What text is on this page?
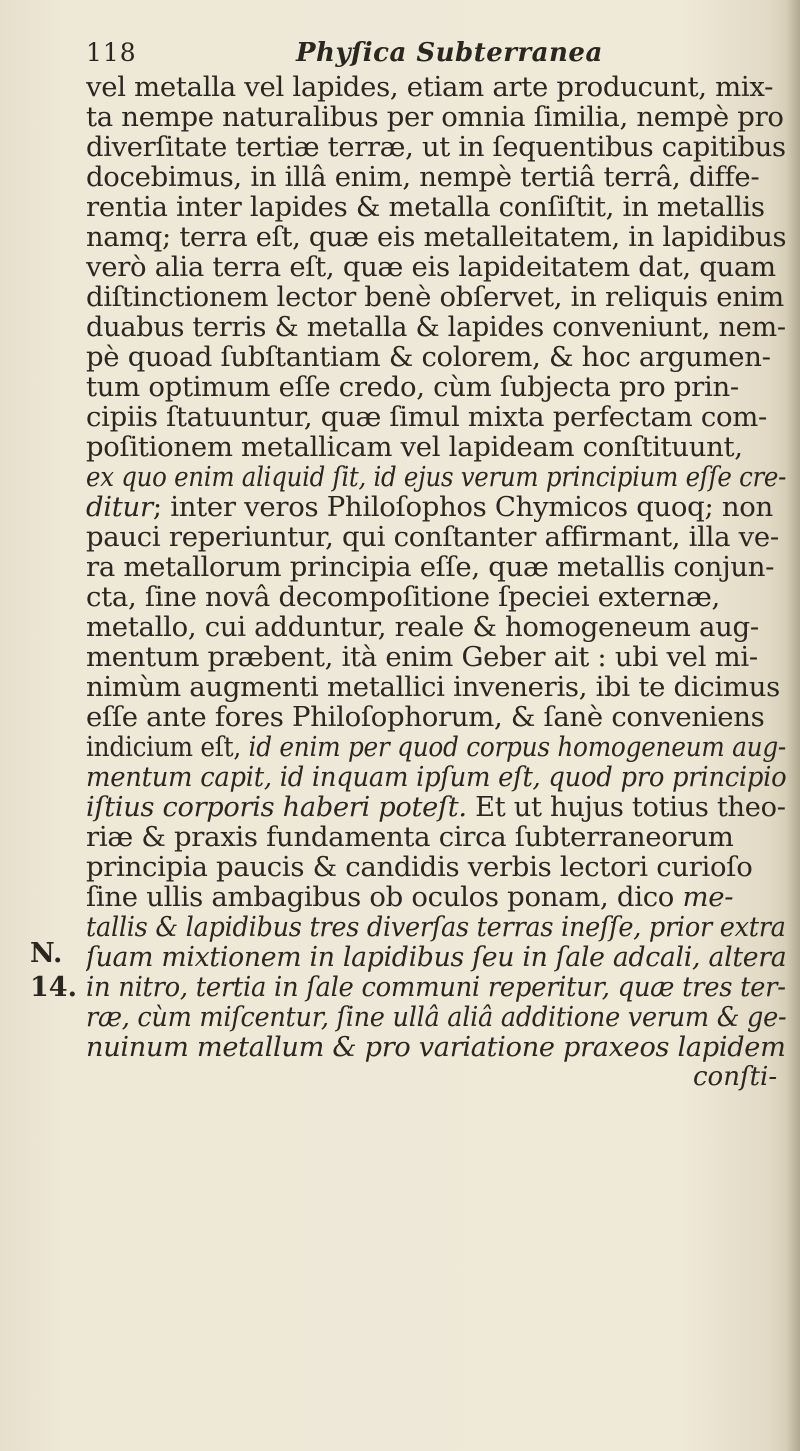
118	Phyſica Subterranea
N.
14.
vel metalla vel lapides, etiam arte producunt, mix-
ta nempe naturalibus per omnia ſimilia, nempè pro
diverſitate tertiæ terræ, ut in ſequentibus capitibus
docebimus, in illâ enim, nempè tertiâ terrâ, diffe-
rentia inter lapides & metalla conſiſtit, in metallis
namq; terra eſt, quæ eis metalleitatem, in lapidibus
verò alia terra eſt, quæ eis lapideitatem dat, quam
diſtinctionem lector benè obſervet, in reliquis enim
duabus terris & metalla & lapides conveniunt, nem-
pè quoad ſubſtantiam & colorem, & hoc argumen-
tum optimum eſſe credo, cùm ſubjecta pro prin-
cipiis ſtatuuntur, quæ ſimul mixta perfectam com-
poſitionem metallicam vel lapideam conſtituunt,
ex quo enim aliquid ſit, id ejus verum principium eſſe cre-
ditur; inter veros Philoſophos Chymicos quoq; non
pauci reperiuntur, qui conſtanter affirmant, illa ve-
ra metallorum principia eſſe, quæ metallis conjun-
cta, ſine novâ decompoſitione ſpeciei externæ,
metallo, cui adduntur, reale & homogeneum aug-
mentum præbent, ità enim Geber ait : ubi vel mi-
nimùm augmenti metallici inveneris, ibi te dicimus
eſſe ante fores Philoſophorum, & ſanè conveniens
indicium eſt, id enim per quod corpus homogeneum aug-
mentum capit, id inquam ipſum eſt, quod pro principio
iſtius corporis haberi poteſt. Et ut hujus totius theo-
riæ & praxis fundamenta circa ſubterraneorum
principia paucis & candidis verbis lectori curioſo
ſine ullis ambagibus ob oculos ponam, dico me-
tallis & lapidibus tres diverſas terras ineſſe, prior extra
ſuam mixtionem in lapidibus ſeu in ſale adcali, altera
in nitro, tertia in ſale communi reperitur, quæ tres ter-
ræ, cùm miſcentur, ſine ullâ aliâ additione verum & ge-
nuinum metallum & pro variatione praxeos lapidem
conſti-
